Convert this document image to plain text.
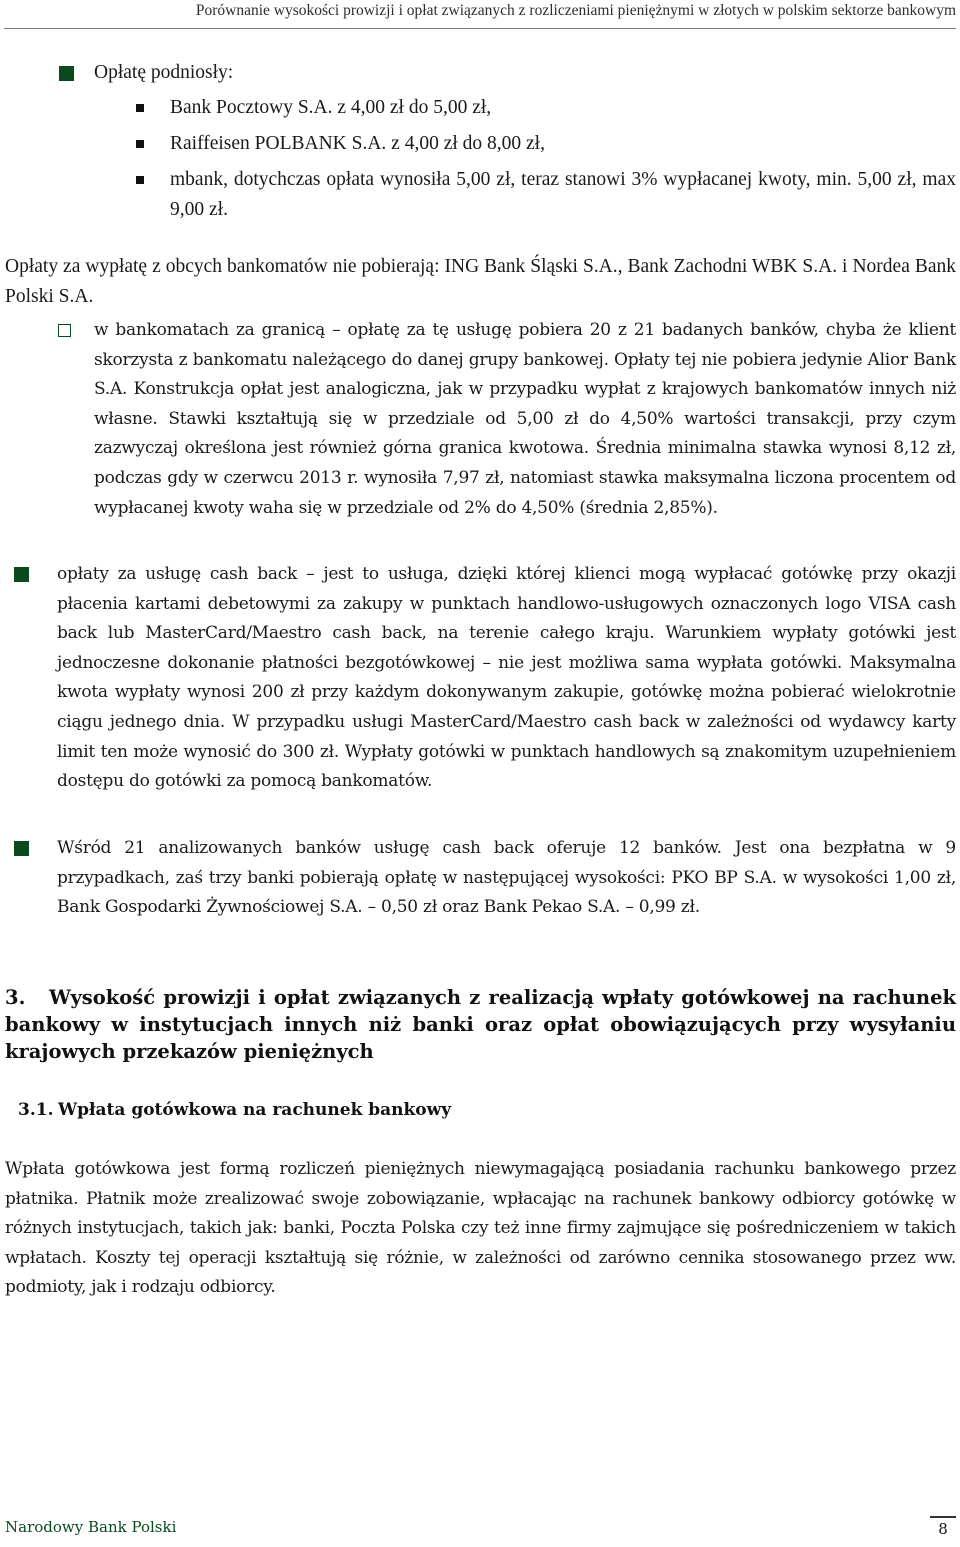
Porównanie wysokości prowizji i opłat związanych z rozliczeniami pieniężnymi w złotych w polskim sektorze bankowym
Opłatę podniosły:
Bank Pocztowy S.A. z 4,00 zł do 5,00 zł,
Raiffeisen POLBANK S.A. z 4,00 zł do 8,00 zł,
mbank, dotychczas opłata wynosiła 5,00 zł, teraz stanowi 3% wypłacanej kwoty, min. 5,00 zł, max 9,00 zł.
Opłaty za wypłatę z obcych bankomatów nie pobierają: ING Bank Śląski S.A., Bank Zachodni WBK S.A. i Nordea Bank Polski S.A.
w bankomatach za granicą – opłatę za tę usługę pobiera 20 z 21 badanych banków, chyba że klient skorzysta z bankomatu należącego do danej grupy bankowej. Opłaty tej nie pobiera jedynie Alior Bank S.A. Konstrukcja opłat jest analogiczna, jak w przypadku wypłat z krajowych bankomatów innych niż własne. Stawki kształtują się w przedziale od 5,00 zł do 4,50% wartości transakcji, przy czym zazwyczaj określona jest również górna granica kwotowa. Średnia minimalna stawka wynosi 8,12 zł, podczas gdy w czerwcu 2013 r. wynosiła 7,97 zł, natomiast stawka maksymalna liczona procentem od wypłacanej kwoty waha się w przedziale od 2% do 4,50% (średnia 2,85%).
opłaty za usługę cash back – jest to usługa, dzięki której klienci mogą wypłacać gotówkę przy okazji płacenia kartami debetowymi za zakupy w punktach handlowo-usługowych oznaczonych logo VISA cash back lub MasterCard/Maestro cash back, na terenie całego kraju. Warunkiem wypłaty gotówki jest jednoczesne dokonanie płatności bezgotówkowej – nie jest możliwa sama wypłata gotówki. Maksymalna kwota wypłaty wynosi 200 zł przy każdym dokonywanym zakupie, gotówkę można pobierać wielokrotnie ciągu jednego dnia. W przypadku usługi MasterCard/Maestro cash back w zależności od wydawcy karty limit ten może wynosić do 300 zł. Wypłaty gotówki w punktach handlowych są znakomitym uzupełnieniem dostępu do gotówki za pomocą bankomatów.
Wśród 21 analizowanych banków usługę cash back oferuje 12 banków. Jest ona bezpłatna w 9 przypadkach, zaś trzy banki pobierają opłatę w następującej wysokości: PKO BP S.A. w wysokości 1,00 zł, Bank Gospodarki Żywnościowej S.A. – 0,50 zł oraz Bank Pekao S.A. – 0,99 zł.
3.	Wysokość prowizji i opłat związanych z realizacją wpłaty gotówkowej na rachunek bankowy w instytucjach innych niż banki oraz opłat obowiązujących przy wysyłaniu krajowych przekazów pieniężnych
3.1. Wpłata gotówkowa na rachunek bankowy
Wpłata gotówkowa jest formą rozliczeń pieniężnych niewymagającą posiadania rachunku bankowego przez płatnika. Płatnik może zrealizować swoje zobowiązanie, wpłacając na rachunek bankowy odbiorcy gotówkę w różnych instytucjach, takich jak: banki, Poczta Polska czy też inne firmy zajmujące się pośredniczeniem w takich wpłatach. Koszty tej operacji kształtują się różnie, w zależności od zarówno cennika stosowanego przez ww. podmioty, jak i rodzaju odbiorcy.
Narodowy Bank Polski	8
